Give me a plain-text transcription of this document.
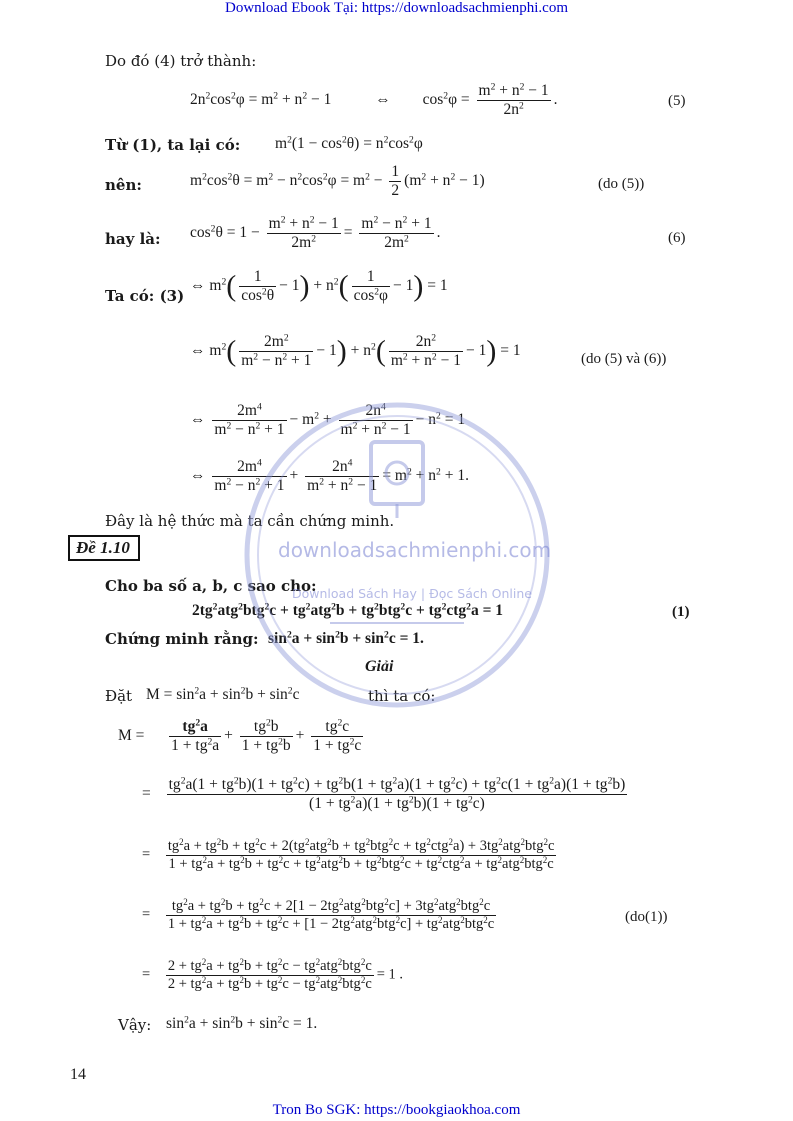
Download Ebook Tại: https://downloadsachmienphi.com
Do đó (4) trở thành:
$2n^2\cos^2\varphi = m^2 + n^2 - 1$	⇔ $\cos^2\varphi = \frac{m^2 + n^2 - 1}{2n^2}$ .	(5)
Từ (1), ta lại có: $m^2(1 - \cos^2\theta) = n^2\cos^2\varphi$
nên:	$m^2\cos^2\theta = m^2 - n^2\cos^2\varphi = m^2 - \frac{1}{2} (m^2 + n^2 - 1)$	(do (5))
hay là: $\cos^2\theta = 1 - \frac{m^2 + n^2 - 1}{2m^2} = \frac{m^2 - n^2 + 1}{2m^2}$ .	(6)
Ta có: (3)
⇔ $m^2( \frac{1}{\cos^2\theta} - 1) + n^2( \frac{1}{\cos^2\varphi} - 1) = 1$
⇔ $m^2( \frac{2m^2}{m^2 - n^2 + 1} - 1) + n^2( \frac{2n^2}{m^2 + n^2 - 1} - 1) = 1$
(do (5) và (6))
⇔ $\frac{2m^4}{m^2 - n^2 + 1} - m^2 + \frac{2n^4}{m^2 + n^2 - 1} - n^2 = 1$
⇔ $\frac{2m^4}{m^2 - n^2 + 1} + \frac{2n^4}{m^2 + n^2 - 1} = m^2 + n^2 + 1$.
Đây là hệ thức mà ta cần chứng minh.
Đề 1.10
Cho ba số a, b, c sao cho:
$2tg^2atg^2btg^2c + tg^2atg^2b + tg^2btg^2c + tg^2ctg^2a = 1$	(1)
Chứng minh rằng: $\sin^2a + \sin^2b + \sin^2c = 1$.
Giải
Đặt $M = \sin^2a + \sin^2b + \sin^2c$	thì ta có:
$M = \frac{tg^2a}{1 + tg^2a} + \frac{tg^2b}{1 + tg^2b} + \frac{tg^2c}{1 + tg^2c}$
=
$tg^2a(1 + tg^2b)(1 + tg^2c) + tg^2b(1 + tg^2a)(1 + tg^2c) + tg^2c(1 + tg^2a)(1 + tg^2b)$
$(1 + tg^2a)(1 + tg^2b)(1 + tg^2c)$
=
$tg^2a + tg^2b + tg^2c + 2(tg^2atg^2b + tg^2btg^2c + tg^2ctg^2a) + 3tg^2atg^2btg^2c$
$1 + tg^2a + tg^2b + tg^2c + tg^2atg^2b + tg^2btg^2c + tg^2ctg^2a + tg^2atg^2btg^2c$
= $\frac{tg^2a + tg^2b + tg^2c + 2[1 - 2tg^2atg^2btg^2c] + 3tg^2atg^2btg^2c}{1 + tg^2a + tg^2b + tg^2c + [1 - 2tg^2atg^2btg^2c] + tg^2atg^2btg^2c}$	(do(1))
= $\frac{2 + tg^2a + tg^2b + tg^2c - tg^2atg^2btg^2c}{2 + tg^2a + tg^2b + tg^2c - tg^2atg^2btg^2c} = 1$ .
Vậy: $\sin^2a + \sin^2b + \sin^2c = 1$.
14
Tron Bo SGK: https://bookgiaokhoa.com
downloadsachmienphi.com
Download Sách Hay | Đọc Sách Online
